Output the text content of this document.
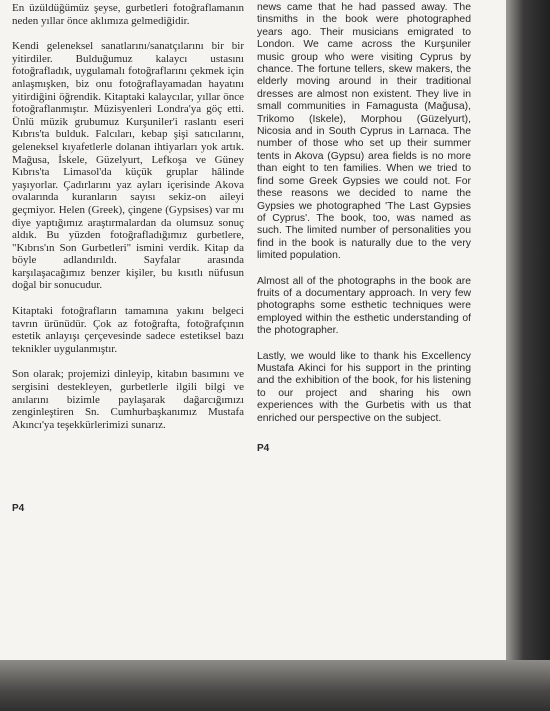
En üzüldüğümüz şeyse, gurbetleri fotoğraflamanın neden yıllar önce aklımıza gelmediğidir.

Kendi geleneksel sanatlarını/sanatçılarını bir bir yitirdiler. Bulduğumuz kalaycı ustasını fotoğrafladık, uygulamalı fotoğraflarını çekmek için anlaşmışken, biz onu fotoğraflayamadan hayatını yitirdiğini öğrendik. Kitaptaki kalaycılar, yıllar önce fotoğraflanmıştır. Müzisyenleri Londra'ya göç etti. Ünlü müzik grubumuz Kurşuniler'i raslantı eseri Kıbrıs'ta bulduk. Falcıları, kebap şişi satıcılarını, geleneksel kıyafetlerle dolanan ihtiyarları yok artık. Mağusa, İskele, Güzelyurt, Lefkoşa ve Güney Kıbrıs'ta Limasol'da küçük gruplar hâlinde yaşıyorlar. Çadırlarını yaz ayları içerisinde Akova ovalarında kuranların sayısı sekiz-on aileyi geçmiyor. Helen (Greek), çingene (Gypsises) var mı diye yaptığımız araştırmalardan da olumsuz sonuç aldık. Bu yüzden fotoğrafladığımız gurbetlere, "Kıbrıs'ın Son Gurbetleri" ismini verdik. Kitap da böyle adlandırıldı. Sayfalar arasında karşılaşacağımız benzer kişiler, bu kısıtlı nüfusun doğal bir sonucudur.

Kitaptaki fotoğrafların tamamına yakını belgeci tavrın ürünüdür. Çok az fotoğrafta, fotoğrafçının estetik anlayışı çerçevesinde sadece estetiksel bazı teknikler uygulanmıştır.

Son olarak; projemizi dinleyip, kitabın basımını ve sergisini destekleyen, gurbetlerle ilgili bilgi ve anılarını bizimle paylaşarak dağarcığımızı zenginleştiren Sn. Cumhurbaşkanımız Mustafa Akıncı'ya teşekkürlerimizi sunarız.

P4

news came that he had passed away. The tinsmiths in the book were photographed years ago. Their musicians emigrated to London. We came across the Kurşuniler music group who were visiting Cyprus by chance. The fortune tellers, skew makers, the elderly moving around in their traditional dresses are almost non existent. They live in small communities in Famagusta (Mağusa), Trikomo (Iskele), Morphou (Güzelyurt), Nicosia and in South Cyprus in Larnaca. The number of those who set up their summer tents in Akova (Gypsu) area fields is no more than eight to ten families. When we tried to find some Greek Gypsies we could not. For these reasons we decided to name the Gypsies we photographed 'The Last Gypsies of Cyprus'. The book, too, was named as such. The limited number of personalities you find in the book is naturally due to the very limited population.

Almost all of the photographs in the book are fruits of a documentary approach. In very few photographs some esthetic techniques were employed within the esthetic understanding of the photographer.

Lastly, we would like to thank his Excellency Mustafa Akinci for his support in the printing and the exhibition of the book, for his listening to our project and sharing his own experiences with the Gurbetis with us that enriched our perspective on the subject.

P4
